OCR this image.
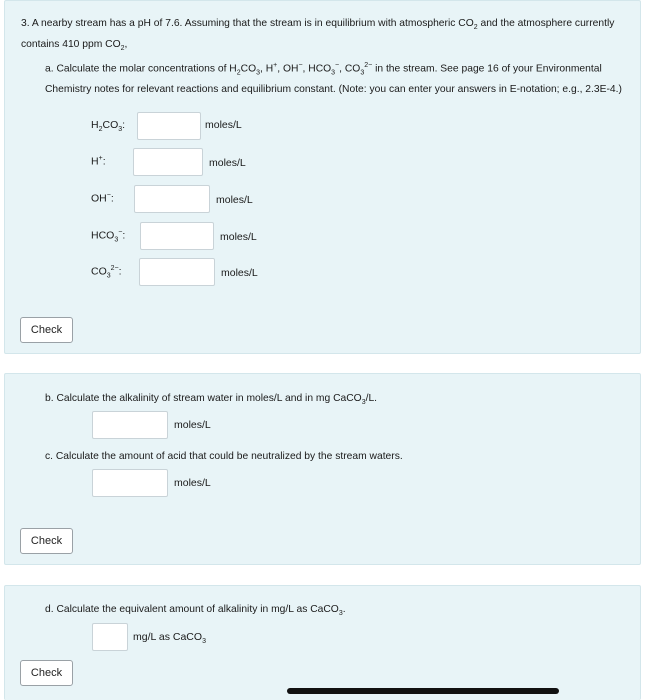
3. A nearby stream has a pH of 7.6. Assuming that the stream is in equilibrium with atmospheric $CO_2$ and the atmosphere currently contains 410 ppm $CO_2$,
a. Calculate the molar concentrations of $H_2CO_3$, H+, OH−, $HCO_3^-$, $CO_3^{2-}$ in the stream. See page 16 of your Environmental Chemistry notes for relevant reactions and equilibrium constant. (Note: you can enter your answers in E-notation; e.g., 2.3E-4.)
$H_2CO_3$:	moles/L
H+:	moles/L
OH−:	moles/L
$HCO_3^-$:	moles/L
$CO_3^{2-}$:	moles/L
Check
b. Calculate the alkalinity of stream water in moles/L and in mg CaCO$_3$/L.
moles/L
c. Calculate the amount of acid that could be neutralized by the stream waters.
moles/L
Check
d. Calculate the equivalent amount of alkalinity in mg/L as CaCO$_3$.
mg/L as CaCO$_3$
Check
